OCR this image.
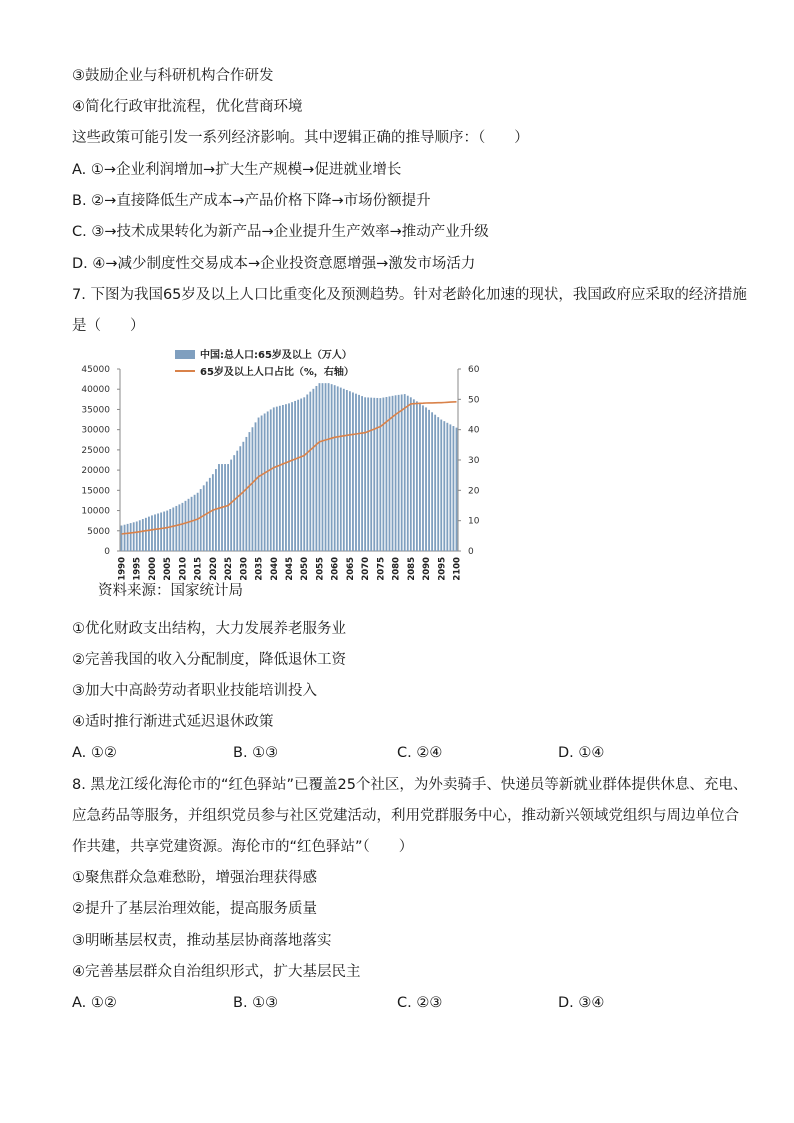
③鼓励企业与科研机构合作研发
④简化行政审批流程，优化营商环境
这些政策可能引发一系列经济影响。其中逻辑正确的推导顺序：（　　）
A. ①→企业利润增加→扩大生产规模→促进就业增长
B. ②→直接降低生产成本→产品价格下降→市场份额提升
C. ③→技术成果转化为新产品→企业提升生产效率→推动产业升级
D. ④→减少制度性交易成本→企业投资意愿增强→激发市场活力
7. 下图为我国65岁及以上人口比重变化及预测趋势。针对老龄化加速的现状，我国政府应采取的经济措施
是（　　）
中国:总人口:65岁及以上（万人）
65岁及以上人口占比（%，右轴）
0
5000
10000
15000
20000
25000
30000
35000
40000
45000
0
10
20
30
40
50
60
1990 1995 2000 2005 2010 2015 2020 2025 2030 2035 2040 2045 2050 2055 2060 2065 2070 2075 2080 2085 2090 2095 2100
资料来源：国家统计局
①优化财政支出结构，大力发展养老服务业
②完善我国的收入分配制度，降低退休工资
③加大中高龄劳动者职业技能培训投入
④适时推行渐进式延迟退休政策
A. ①②	B. ①③	C. ②④	D. ①④
8. 黑龙江绥化海伦市的“红色驿站”已覆盖25个社区，为外卖骑手、快递员等新就业群体提供休息、充电、
应急药品等服务，并组织党员参与社区党建活动，利用党群服务中心，推动新兴领域党组织与周边单位合
作共建，共享党建资源。海伦市的“红色驿站”（　　）
①聚焦群众急难愁盼，增强治理获得感
②提升了基层治理效能，提高服务质量
③明晰基层权责，推动基层协商落地落实
④完善基层群众自治组织形式，扩大基层民主
A. ①②	B. ①③	C. ②③	D. ③④
